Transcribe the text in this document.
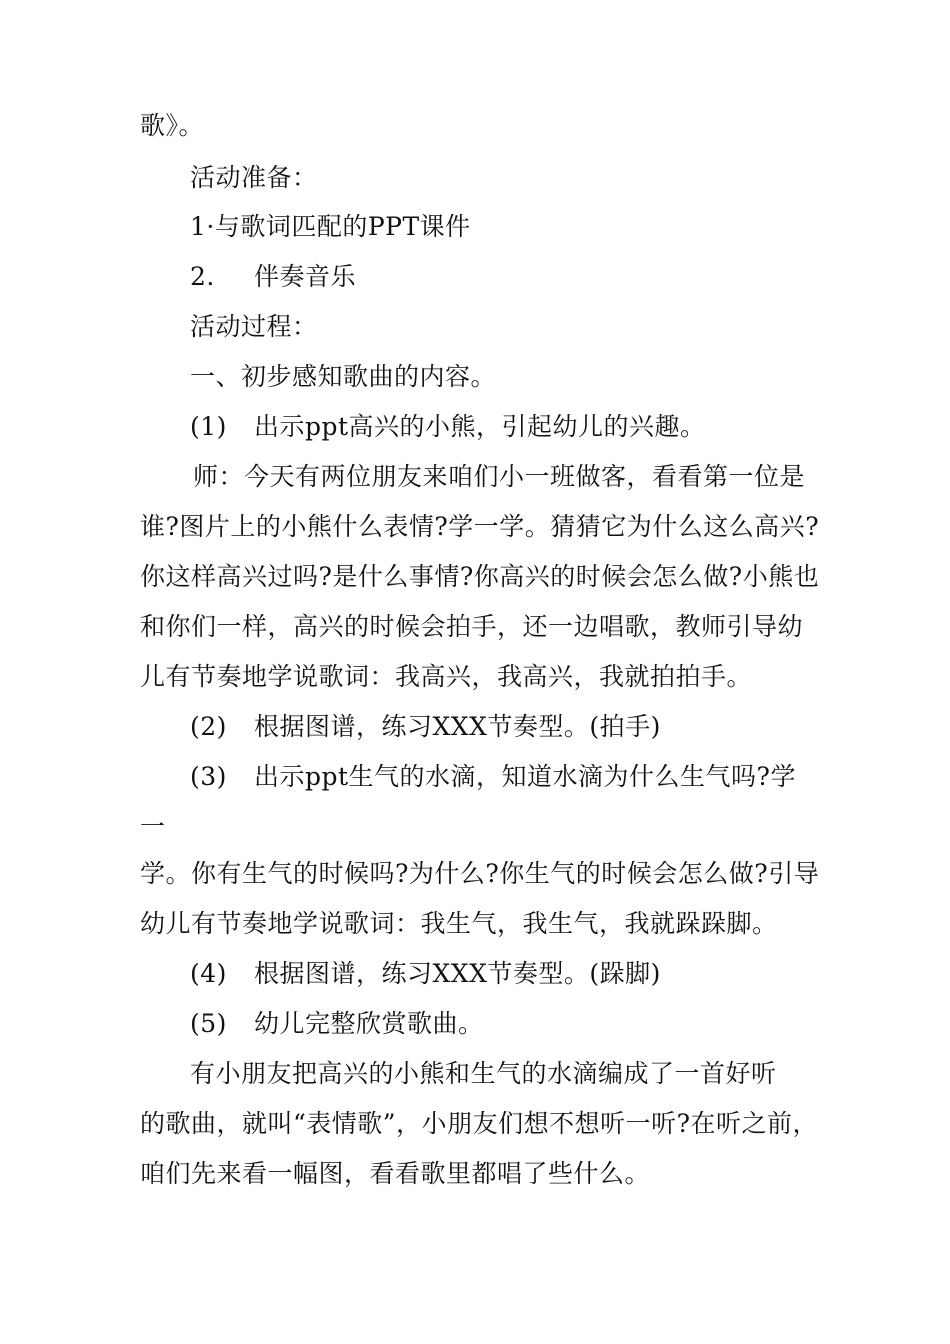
歌》。
活动准备：
1·与歌词匹配的PPT课件
2. 伴奏音乐
活动过程：
一、初步感知歌曲的内容。
(1) 出示ppt高兴的小熊，引起幼儿的兴趣。
师：今天有两位朋友来咱们小一班做客，看看第一位是
谁?图片上的小熊什么表情?学一学。猜猜它为什么这么高兴?
你这样高兴过吗?是什么事情?你高兴的时候会怎么做?小熊也
和你们一样，高兴的时候会拍手，还一边唱歌，教师引导幼
儿有节奏地学说歌词：我高兴，我高兴，我就拍拍手。
(2) 根据图谱，练习XXX节奏型。(拍手)
(3) 出示ppt生气的水滴，知道水滴为什么生气吗?学
一
学。你有生气的时候吗?为什么?你生气的时候会怎么做?引导
幼儿有节奏地学说歌词：我生气，我生气，我就跺跺脚。
(4) 根据图谱，练习XXX节奏型。(跺脚)
(5) 幼儿完整欣赏歌曲。
有小朋友把高兴的小熊和生气的水滴编成了一首好听
的歌曲，就叫“表情歌”，小朋友们想不想听一听?在听之前，
咱们先来看一幅图，看看歌里都唱了些什么。
